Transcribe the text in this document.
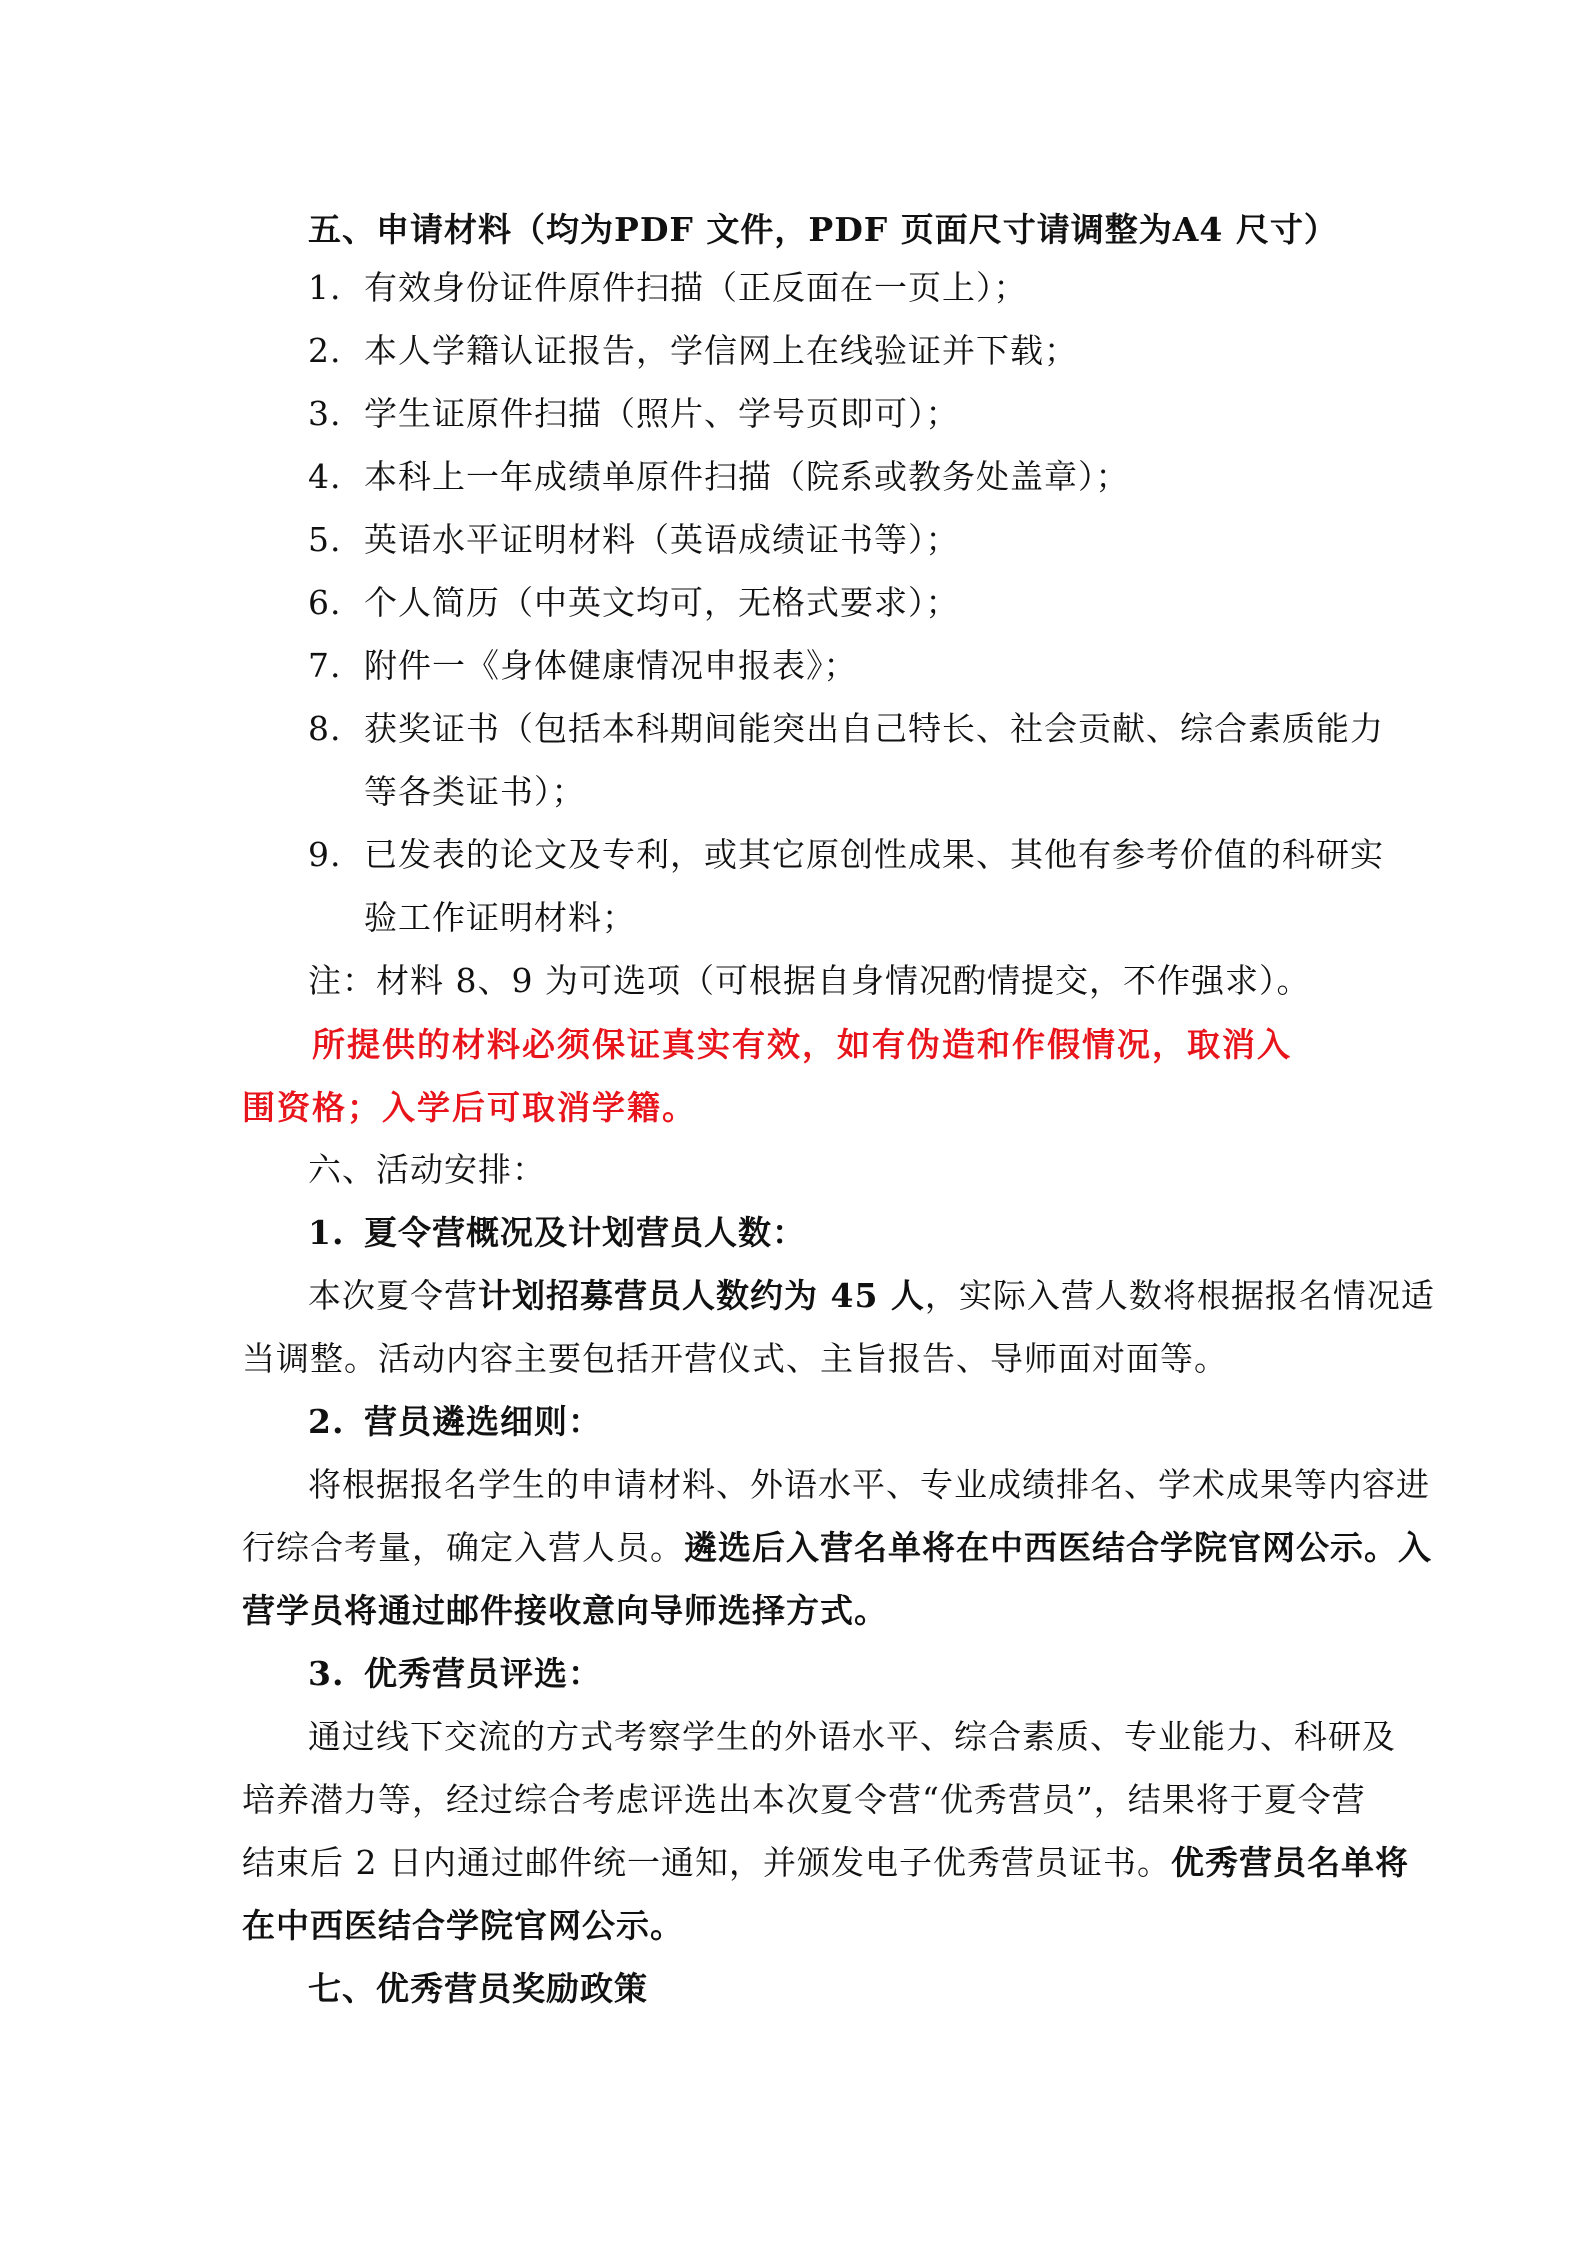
五、申请材料（均为PDF 文件，PDF 页面尺寸请调整为A4 尺寸）
1. 有效身份证件原件扫描（正反面在一页上）；
2. 本人学籍认证报告，学信网上在线验证并下载；
3. 学生证原件扫描（照片、学号页即可）；
4. 本科上一年成绩单原件扫描（院系或教务处盖章）；
5. 英语水平证明材料（英语成绩证书等）；
6. 个人简历（中英文均可，无格式要求）；
7. 附件一《身体健康情况申报表》；
8. 获奖证书（包括本科期间能突出自己特长、社会贡献、综合素质能力
等各类证书）；
9. 已发表的论文及专利，或其它原创性成果、其他有参考价值的科研实
验工作证明材料；
注：材料 8、9 为可选项（可根据自身情况酌情提交，不作强求）。
所提供的材料必须保证真实有效，如有伪造和作假情况，取消入
围资格；入学后可取消学籍。
六、活动安排：
1. 夏令营概况及计划营员人数：
本次夏令营计划招募营员人数约为 45 人，实际入营人数将根据报名情况适
当调整。活动内容主要包括开营仪式、主旨报告、导师面对面等。
2. 营员遴选细则：
将根据报名学生的申请材料、外语水平、专业成绩排名、学术成果等内容进
行综合考量，确定入营人员。遴选后入营名单将在中西医结合学院官网公示。入
营学员将通过邮件接收意向导师选择方式。
3. 优秀营员评选：
通过线下交流的方式考察学生的外语水平、综合素质、专业能力、科研及
培养潜力等，经过综合考虑评选出本次夏令营“优秀营员”，结果将于夏令营
结束后 2 日内通过邮件统一通知，并颁发电子优秀营员证书。优秀营员名单将
在中西医结合学院官网公示。
七、优秀营员奖励政策
